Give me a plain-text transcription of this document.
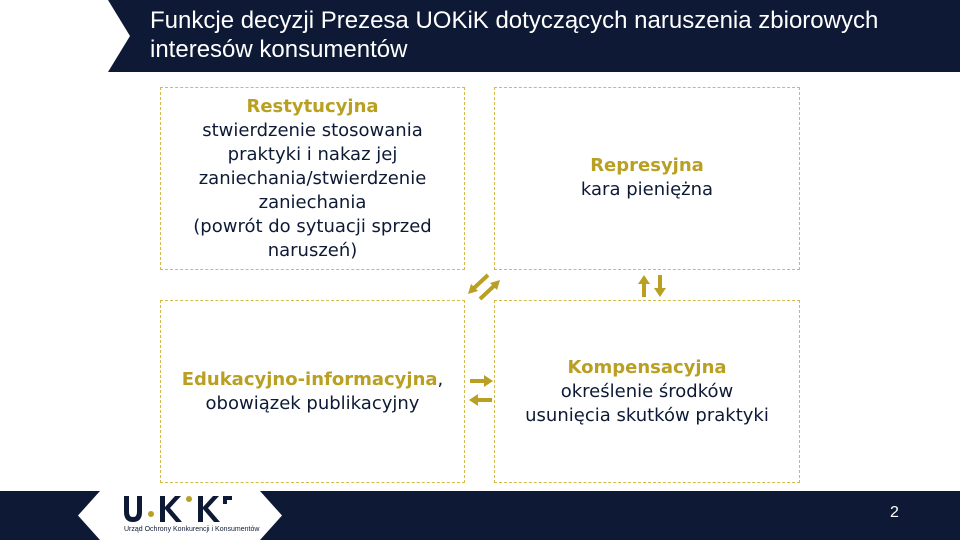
Funkcje decyzji Prezesa UOKiK dotyczących naruszenia zbiorowych interesów konsumentów
Restytucyjna
stwierdzenie stosowania
praktyki i nakaz jej
zaniechania/stwierdzenie
zaniechania
(powrót do sytuacji sprzed
naruszeń)
Represyjna
kara pieniężna
Edukacyjno-informacyjna,
obowiązek publikacyjny
Kompensacyjna
określenie środków
usunięcia skutków praktyki
Urząd Ochrony Konkurencji i Konsumentów
2
